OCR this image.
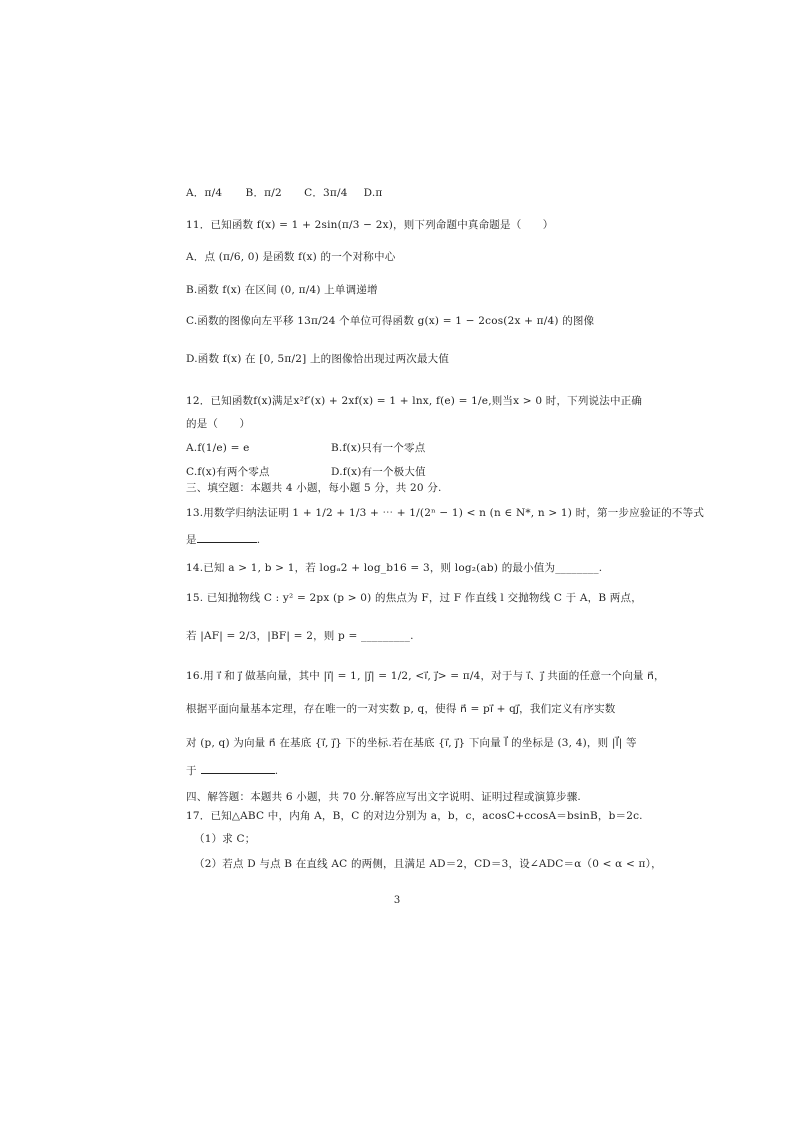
A．π/4 B．π/2 C．3π/4 D.π
11．已知函数 f(x) = 1 + 2sin(π/3 − 2x)，则下列命题中真命题是（　　）
A．点 (π/6, 0) 是函数 f(x) 的一个对称中心
B.函数 f(x) 在区间 (0, π/4) 上单调递增
C.函数的图像向左平移 13π/24 个单位可得函数 g(x) = 1 − 2cos(2x + π/4) 的图像
D.函数 f(x) 在 [0, 5π/2] 上的图像恰出现过两次最大值
12．已知函数f(x)满足x²f′(x) + 2xf(x) = 1 + lnx, f(e) = 1/e,则当x > 0 时，下列说法中正确
的是（　　）
A.f(1/e) = e	B.f(x)只有一个零点
C.f(x)有两个零点	D.f(x)有一个极大值
三、填空题：本题共 4 小题，每小题 5 分，共 20 分.
13.用数学归纳法证明 1 + 1/2 + 1/3 + ⋯ + 1/(2ⁿ − 1) < n (n ∈ N*, n > 1) 时，第一步应验证的不等式
是	.
14.已知 a > 1, b > 1，若 logₐ2 + log_b16 = 3，则 log₂(ab) 的最小值为________.
15. 已知抛物线 C : y² = 2px (p > 0) 的焦点为 F，过 F 作直线 l 交抛物线 C 于 A，B 两点，
若 |AF| = 2/3，|BF| = 2，则 p = _________.
16.用 i⃗ 和 j⃗ 做基向量，其中 |i⃗| = 1, |j⃗| = 1/2, <i⃗, j⃗> = π/4，对于与 i⃗、j⃗ 共面的任意一个向量 n⃗，
根据平面向量基本定理，存在唯一的一对实数 p, q，使得 n⃗ = pi⃗ + qj⃗，我们定义有序实数
对 (p, q) 为向量 n⃗ 在基底 {i⃗, j⃗} 下的坐标.若在基底 {i⃗, j⃗} 下向量 l⃗ 的坐标是 (3, 4)，则 |l⃗| 等
于	.
四、解答题：本题共 6 小题，共 70 分.解答应写出文字说明、证明过程或演算步骤.
17．已知△ABC 中，内角 A，B，C 的对边分别为 a，b，c，acosC+ccosA＝bsinB，b＝2c.
（1）求 C；
（2）若点 D 与点 B 在直线 AC 的两侧，且满足 AD＝2，CD＝3，设∠ADC＝α（0 < α < π），
3
